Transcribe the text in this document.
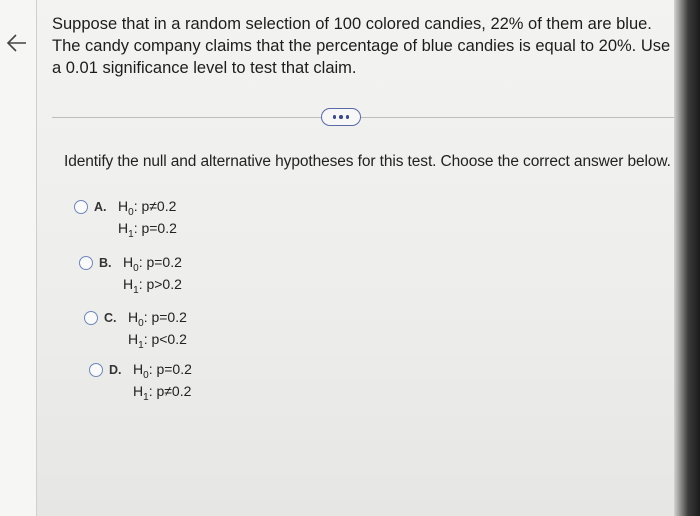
Suppose that in a random selection of 100 colored candies, 22% of them are blue. The candy company claims that the percentage of blue candies is equal to 20%. Use a 0.01 significance level to test that claim.
Identify the null and alternative hypotheses for this test. Choose the correct answer below.
A. $H_0$: p≠0.2
$H_1$: p=0.2
B. $H_0$: p=0.2
$H_1$: p>0.2
C. $H_0$: p=0.2
$H_1$: p<0.2
D. $H_0$: p=0.2
$H_1$: p≠0.2
